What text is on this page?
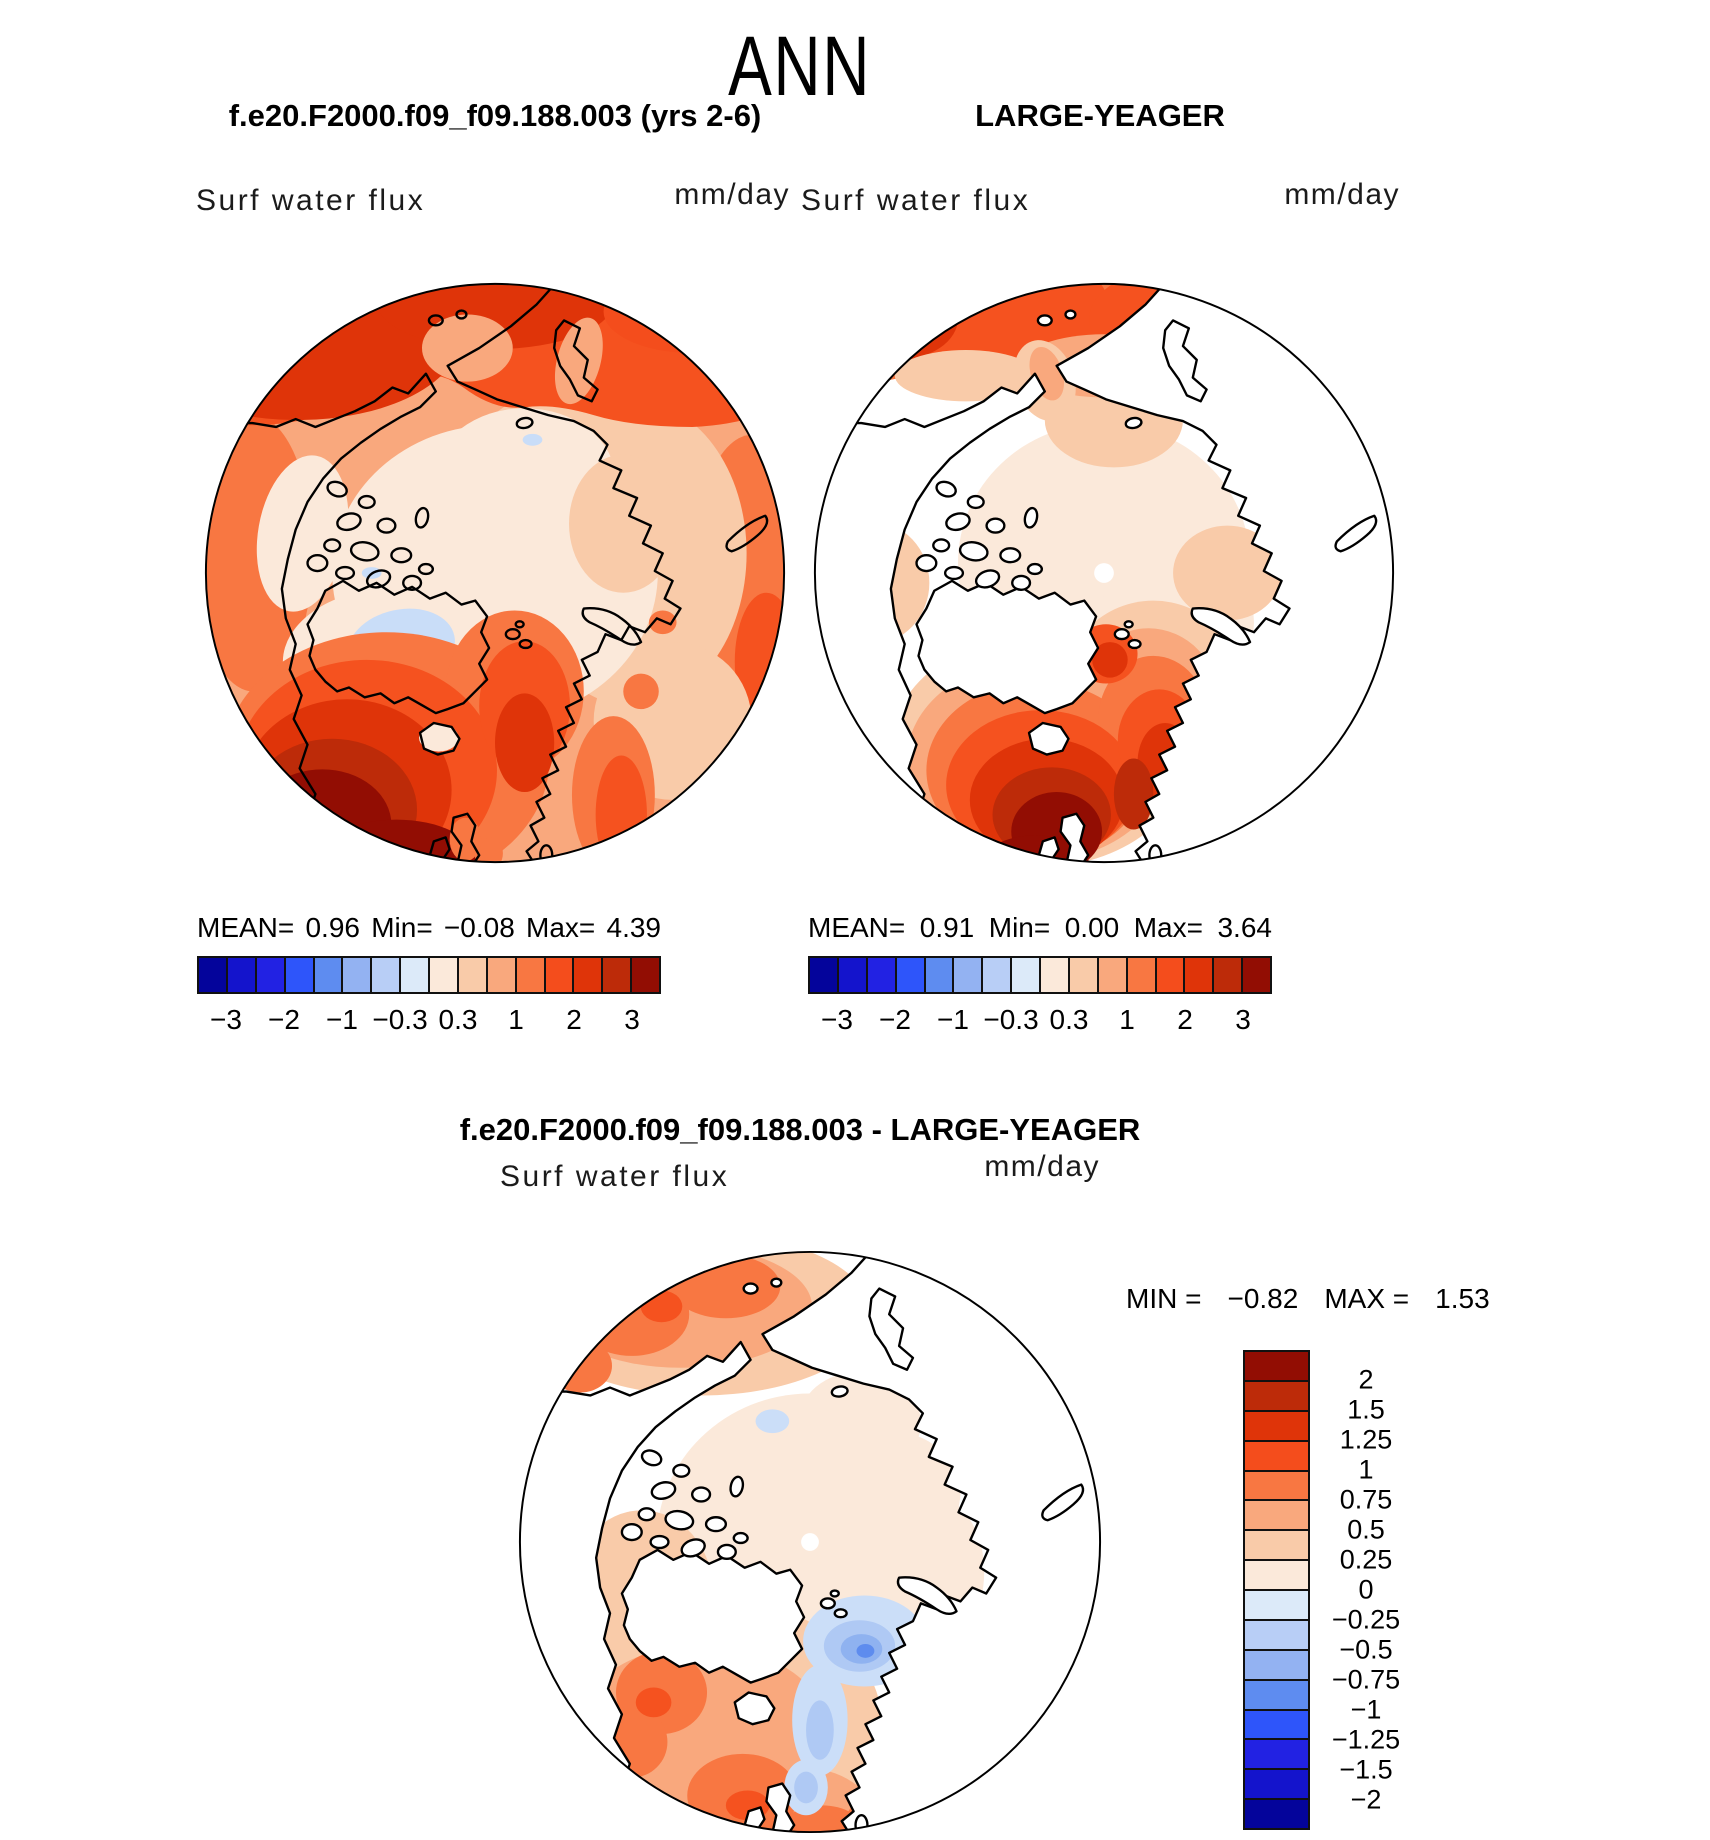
ANN
f.e20.F2000.f09_f09.188.003 (yrs 2-6)	LARGE-YEAGER
Surf water flux	mm/day Surf water flux	mm/day
MEAN= 0.96 Min= −0.08 Max= 4.39
−3 −2 −1 −0.3 0.3 1 2 3
MEAN= 0.91 Min= 0.00 Max= 3.64
−3 −2 −1 −0.3 0.3 1 2 3
f.e20.F2000.f09_f09.188.003 - LARGE-YEAGER
Surf water flux	mm/day
MIN = −0.82 MAX = 1.53
2
1.5
1.25
1
0.75
0.5
0.25
0
−0.25
−0.5
−0.75
−1
−1.25
−1.5
−2
